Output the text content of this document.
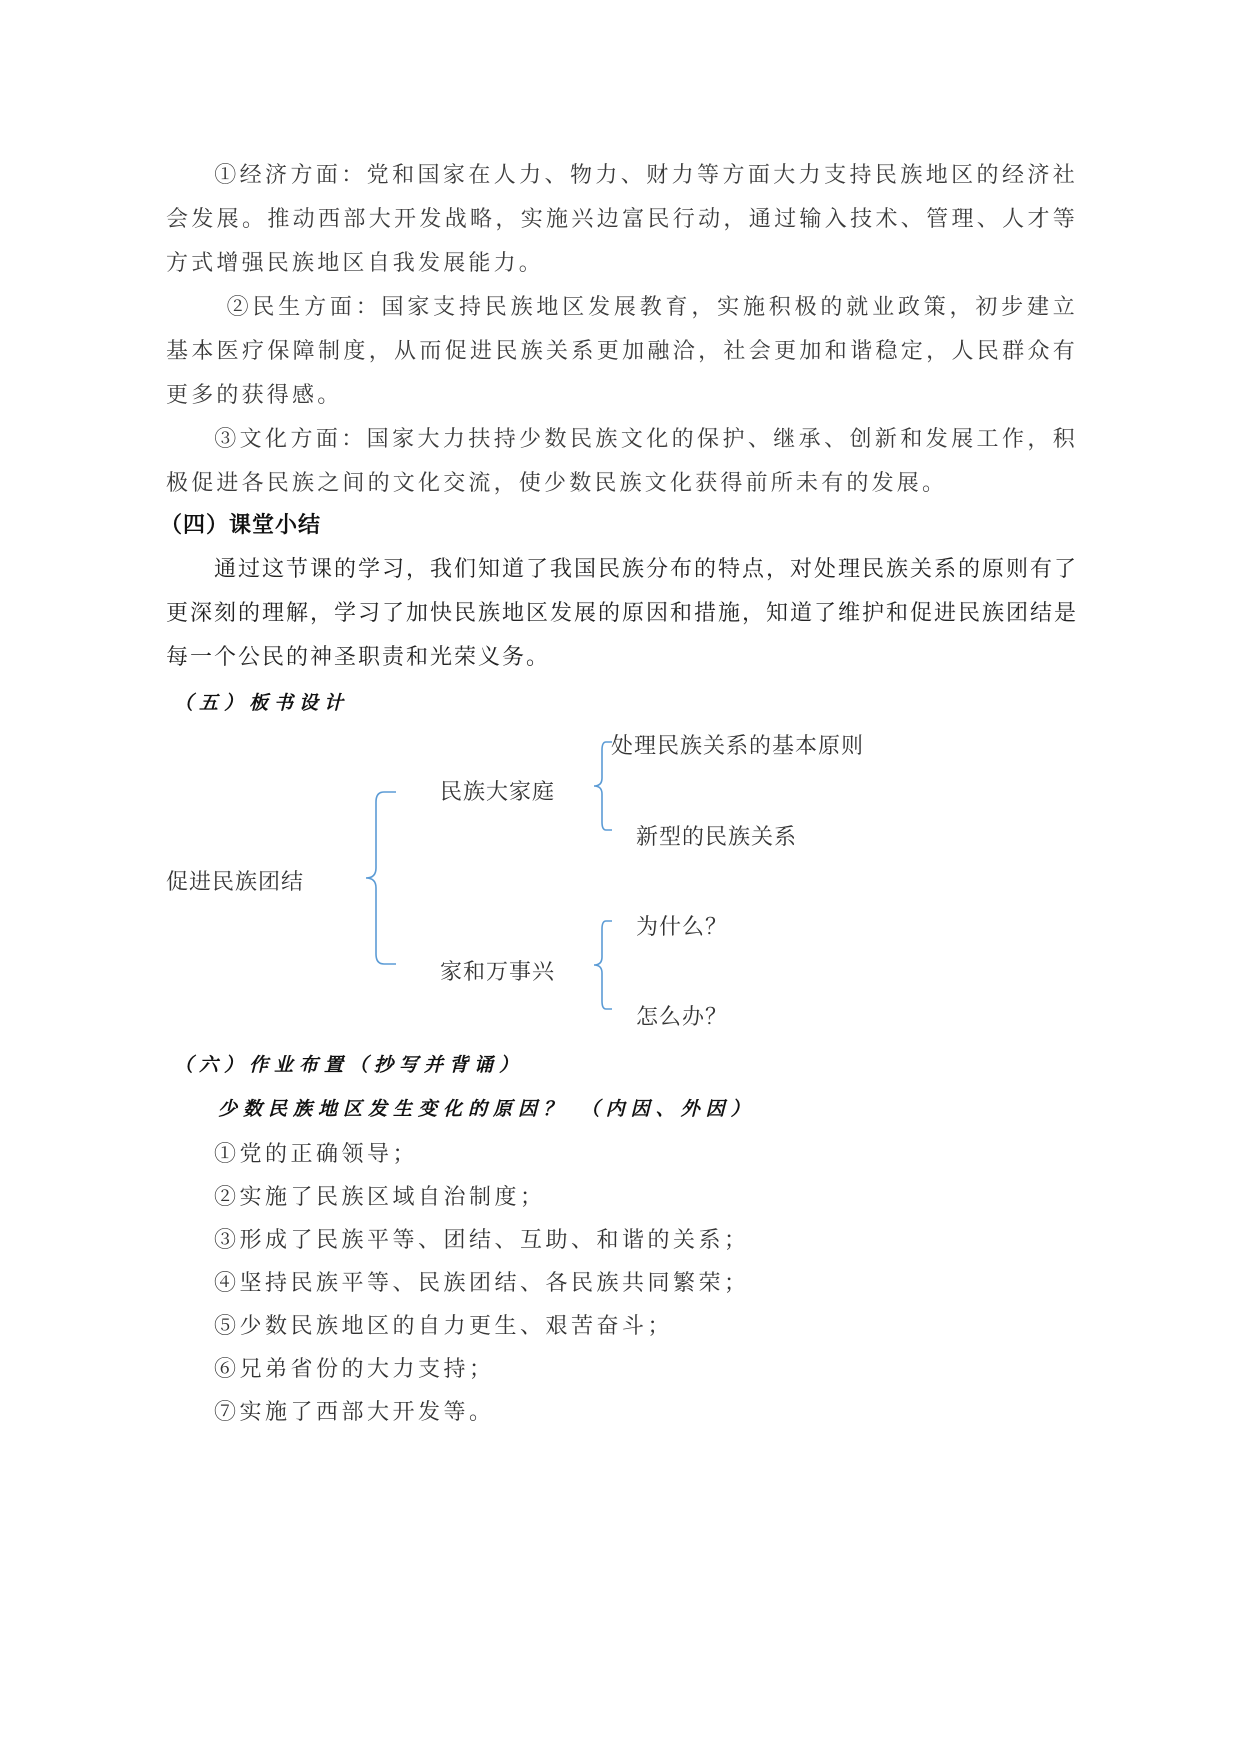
①经济方面：党和国家在人力、物力、财力等方面大力支持民族地区的经济社会发展。推动西部大开发战略，实施兴边富民行动，通过输入技术、管理、人才等方式增强民族地区自我发展能力。

②民生方面：国家支持民族地区发展教育，实施积极的就业政策，初步建立基本医疗保障制度，从而促进民族关系更加融洽，社会更加和谐稳定，人民群众有更多的获得感。

③文化方面：国家大力扶持少数民族文化的保护、继承、创新和发展工作，积极促进各民族之间的文化交流，使少数民族文化获得前所未有的发展。

（四）课堂小结

通过这节课的学习，我们知道了我国民族分布的特点，对处理民族关系的原则有了更深刻的理解，学习了加快民族地区发展的原因和措施，知道了维护和促进民族团结是每一个公民的神圣职责和光荣义务。

（五）板书设计
促进民族团结
民族大家庭
处理民族关系的基本原则
新型的民族关系
家和万事兴
为什么？
怎么办？
（六）作业布置（抄写并背诵）
少数民族地区发生变化的原因？ （内因、外因）
①党的正确领导；
②实施了民族区域自治制度；
③形成了民族平等、团结、互助、和谐的关系；
④坚持民族平等、民族团结、各民族共同繁荣；
⑤少数民族地区的自力更生、艰苦奋斗；
⑥兄弟省份的大力支持；
⑦实施了西部大开发等。
